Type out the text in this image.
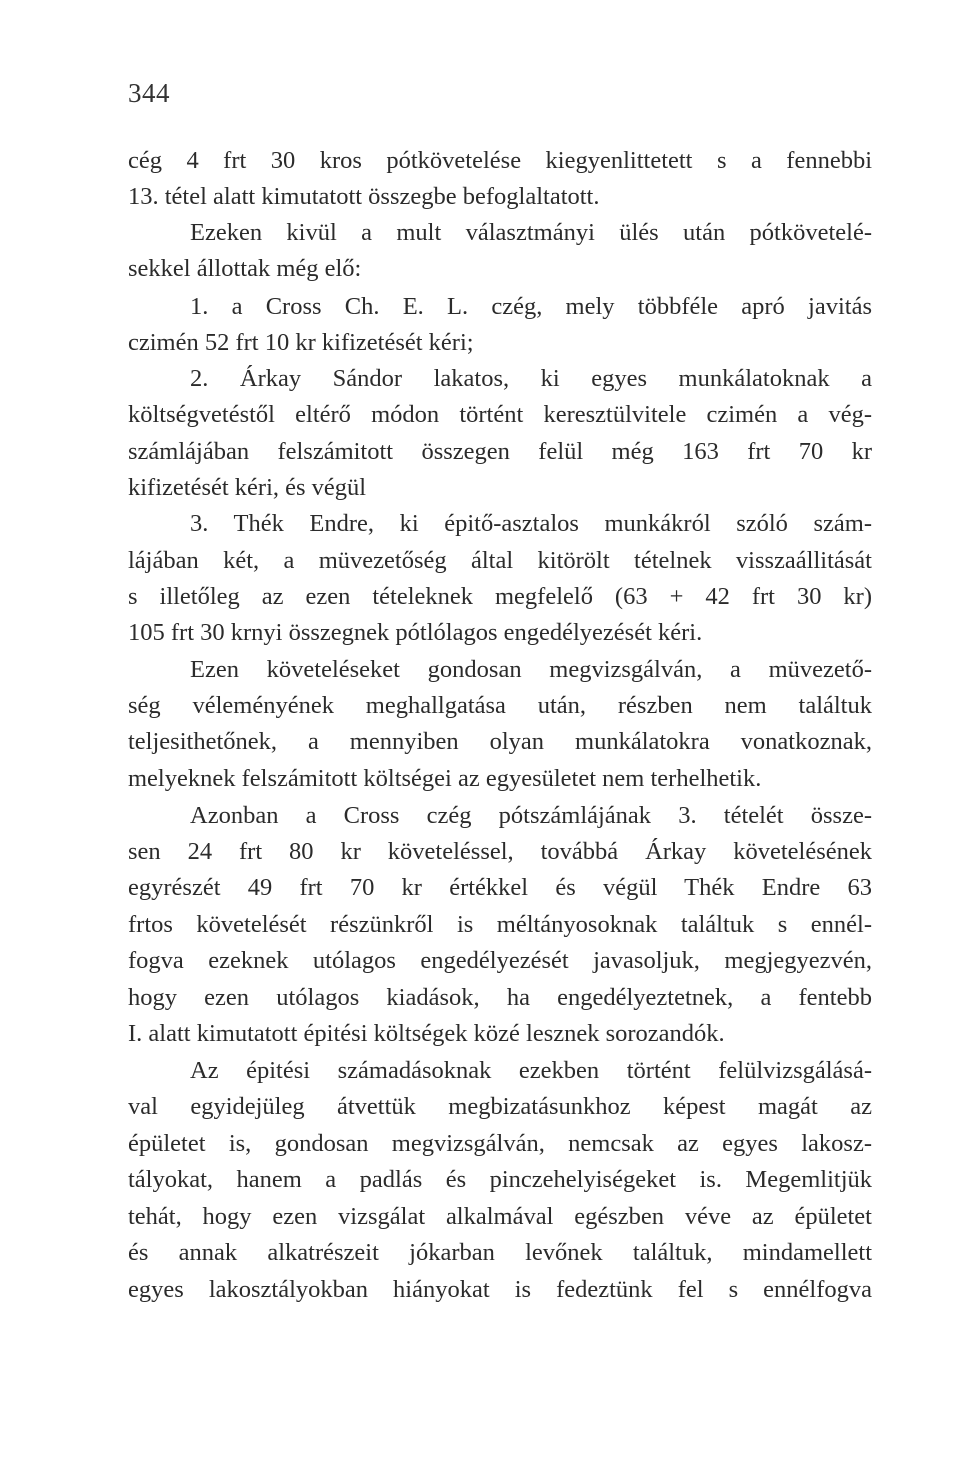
344
cég 4 frt 30 kros pótkövetelése kiegyenlittetett s a fennebbi
13. tétel alatt kimutatott összegbe befoglaltatott.
Ezeken kivül a mult választmányi ülés után pótkövetelé-
sekkel állottak még elő:
1. a Cross Ch. E. L. czég, mely többféle apró javitás
czimén 52 frt 10 kr kifizetését kéri;
2. Árkay Sándor lakatos, ki egyes munkálatoknak a
költségvetéstől eltérő módon történt keresztülvitele czimén a vég-
számlájában felszámitott összegen felül még 163 frt 70 kr
kifizetését kéri, és végül
3. Thék Endre, ki épitő-asztalos munkákról szóló szám-
lájában két, a müvezetőség által kitörölt tételnek visszaállitását
s illetőleg az ezen tételeknek megfelelő (63 + 42 frt 30 kr)
105 frt 30 krnyi összegnek pótlólagos engedélyezését kéri.
Ezen követeléseket gondosan megvizsgálván, a müvezető-
ség véleményének meghallgatása után, részben nem találtuk
teljesithetőnek, a mennyiben olyan munkálatokra vonatkoznak,
melyeknek felszámitott költségei az egyesületet nem terhelhetik.
Azonban a Cross czég pótszámlájának 3. tételét össze-
sen 24 frt 80 kr követeléssel, továbbá Árkay követelésének
egyrészét 49 frt 70 kr értékkel és végül Thék Endre 63
frtos követelését részünkről is méltányosoknak találtuk s ennél-
fogva ezeknek utólagos engedélyezését javasoljuk, megjegyezvén,
hogy ezen utólagos kiadások, ha engedélyeztetnek, a fentebb
I. alatt kimutatott épitési költségek közé lesznek sorozandók.
Az épitési számadásoknak ezekben történt felülvizsgálásá-
val egyidejüleg átvettük megbizatásunkhoz képest magát az
épületet is, gondosan megvizsgálván, nemcsak az egyes lakosz-
tályokat, hanem a padlás és pinczehelyiségeket is. Megemlitjük
tehát, hogy ezen vizsgálat alkalmával egészben véve az épületet
és annak alkatrészeit jókarban levőnek találtuk, mindamellett
egyes lakosztályokban hiányokat is fedeztünk fel s ennélfogva
